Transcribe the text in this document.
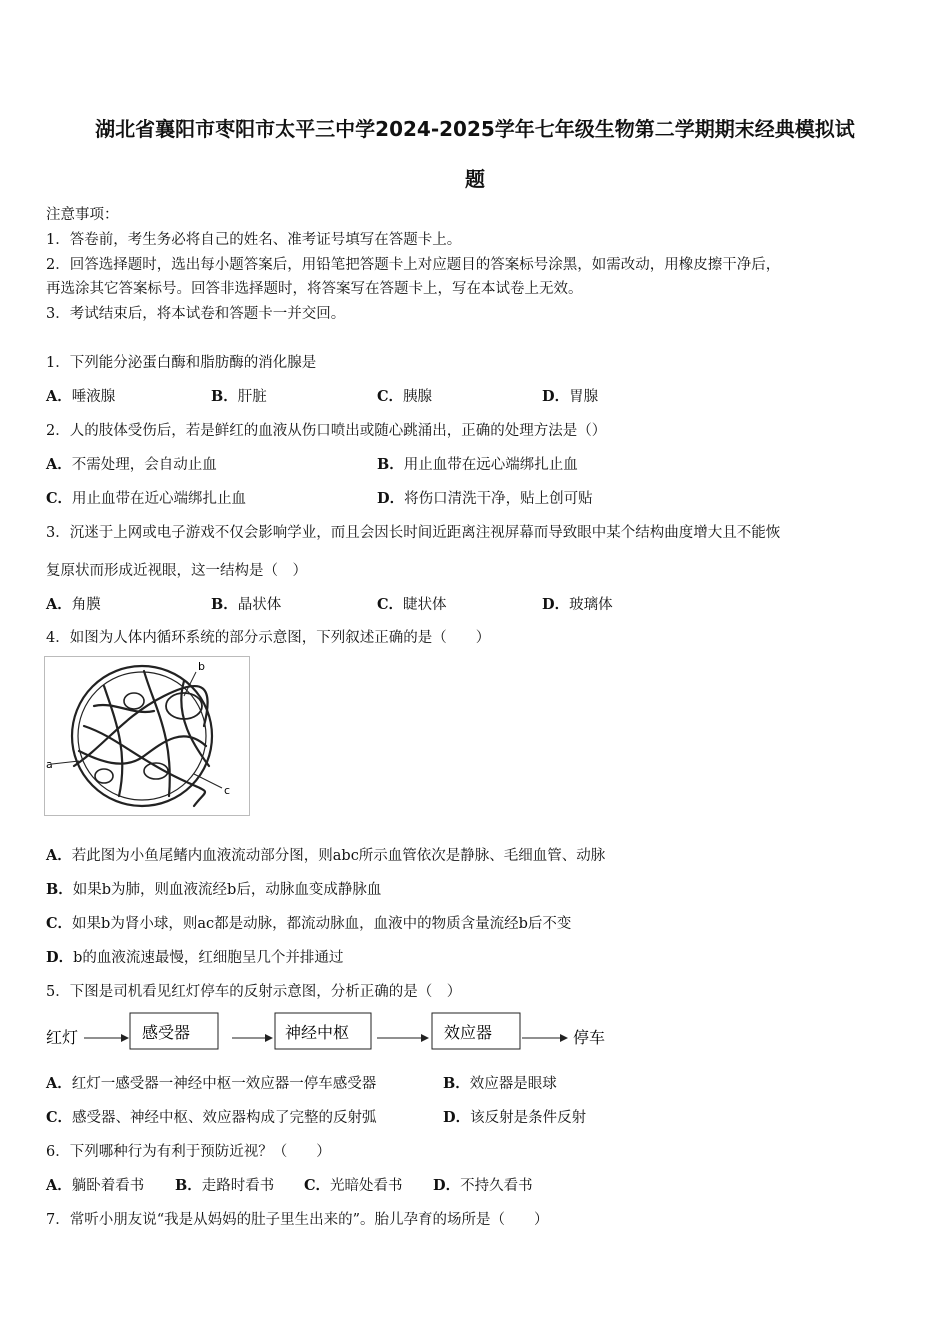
湖北省襄阳市枣阳市太平三中学2024-2025学年七年级生物第二学期期末经典模拟试
题
注意事项：
1．答卷前，考生务必将自己的姓名、准考证号填写在答题卡上。
2．回答选择题时，选出每小题答案后，用铅笔把答题卡上对应题目的答案标号涂黑，如需改动，用橡皮擦干净后，
再选涂其它答案标号。回答非选择题时，将答案写在答题卡上，写在本试卷上无效。
3．考试结束后，将本试卷和答题卡一并交回。
1．下列能分泌蛋白酶和脂肪酶的消化腺是
A．唾液腺	B．肝脏	C．胰腺	D．胃腺
2．人的肢体受伤后，若是鲜红的血液从伤口喷出或随心跳涌出，正确的处理方法是（）
A．不需处理，会自动止血	B．用止血带在远心端绑扎止血
C．用止血带在近心端绑扎止血	D．将伤口清洗干净，贴上创可贴
3．沉迷于上网或电子游戏不仅会影响学业，而且会因长时间近距离注视屏幕而导致眼中某个结构曲度增大且不能恢
复原状而形成近视眼，这一结构是（　）
A．角膜	B．晶状体	C．睫状体	D．玻璃体
4．如图为人体内循环系统的部分示意图，下列叙述正确的是（　　）
a
b
c
A．若此图为小鱼尾鳍内血液流动部分图，则abc所示血管依次是静脉、毛细血管、动脉
B．如果b为肺，则血液流经b后，动脉血变成静脉血
C．如果b为肾小球，则ac都是动脉，都流动脉血，血液中的物质含量流经b后不变
D．b的血液流速最慢，红细胞呈几个并排通过
5．下图是司机看见红灯停车的反射示意图，分析正确的是（　）
红灯	感受器	神经中枢	效应器	停车
A．红灯一感受器一神经中枢一效应器一停车感受器	B．效应器是眼球
C．感受器、神经中枢、效应器构成了完整的反射弧	D．该反射是条件反射
6．下列哪种行为有利于预防近视？（　　）
A．躺卧着看书 B．走路时看书 C．光暗处看书 D．不持久看书
7．常听小朋友说“我是从妈妈的肚子里生出来的”。胎儿孕育的场所是（　　）
